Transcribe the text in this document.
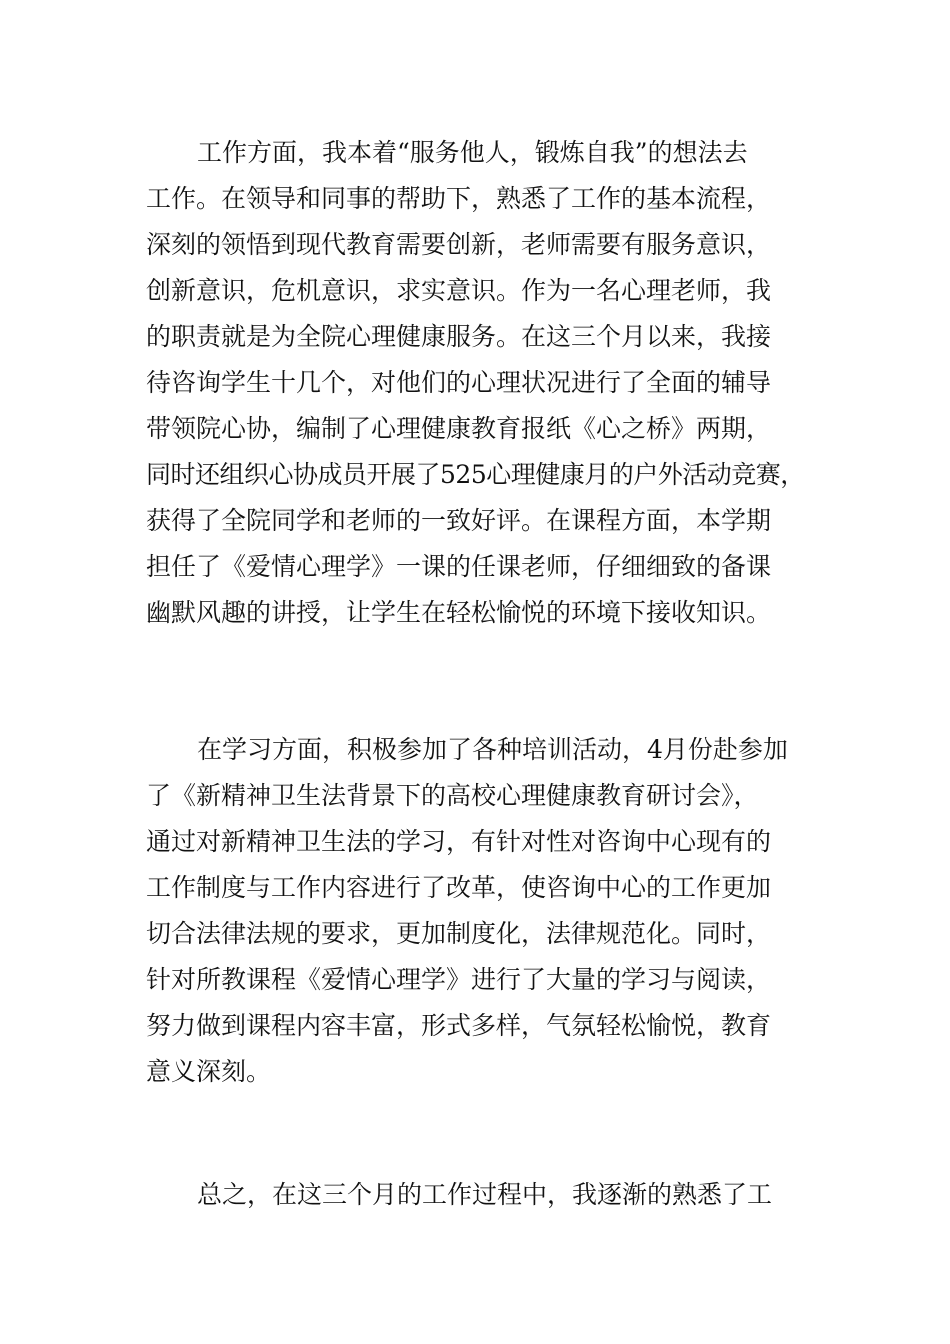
工作方面，我本着“服务他人，锻炼自我”的想法去
工作。在领导和同事的帮助下，熟悉了工作的基本流程，
深刻的领悟到现代教育需要创新，老师需要有服务意识，
创新意识，危机意识，求实意识。作为一名心理老师，我
的职责就是为全院心理健康服务。在这三个月以来，我接
待咨询学生十几个，对他们的心理状况进行了全面的辅导
带领院心协，编制了心理健康教育报纸《心之桥》两期，
同时还组织心协成员开展了525心理健康月的户外活动竞赛，
获得了全院同学和老师的一致好评。在课程方面，本学期
担任了《爱情心理学》一课的任课老师，仔细细致的备课
幽默风趣的讲授，让学生在轻松愉悦的环境下接收知识。
在学习方面，积极参加了各种培训活动，4月份赴参加
了《新精神卫生法背景下的高校心理健康教育研讨会》，
通过对新精神卫生法的学习，有针对性对咨询中心现有的
工作制度与工作内容进行了改革，使咨询中心的工作更加
切合法律法规的要求，更加制度化，法律规范化。同时，
针对所教课程《爱情心理学》进行了大量的学习与阅读，
努力做到课程内容丰富，形式多样，气氛轻松愉悦，教育
意义深刻。
总之，在这三个月的工作过程中，我逐渐的熟悉了工
